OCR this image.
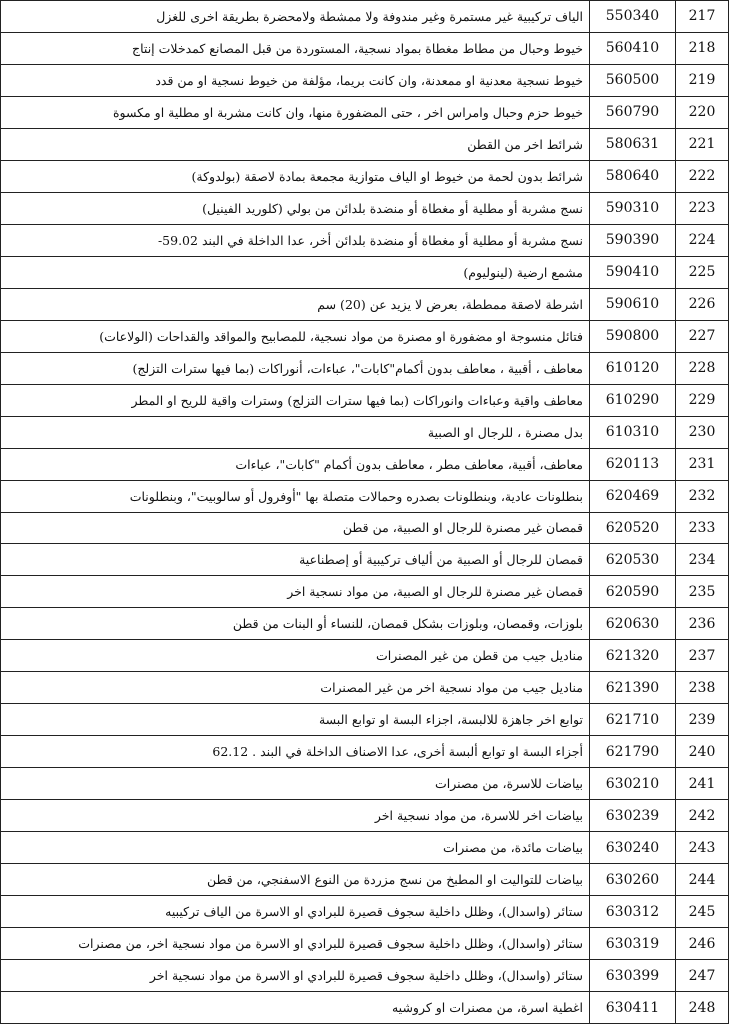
217	550340	الياف تركيبية غير مستمرة وغير مندوفة ولا ممشطة ولامحضرة بطريقة اخرى للغزل
218	560410	خيوط وحبال من مطاط مغطاة بمواد نسجية، المستوردة من قبل المصانع كمدخلات إنتاج
219	560500	خيوط نسجية معدنية او ممعدنة، وان كانت بريما، مؤلفة من خيوط نسجية او من قدد
220	560790	خيوط حزم وحبال وامراس اخر ، حتى المضفورة منها، وان كانت مشربة او مطلية او مكسوة
221	580631	شرائط اخر من القطن
222	580640	شرائط بدون لحمة من خيوط او الياف متوازية مجمعة بمادة لاصقة (بولدوكة)
223	590310	نسج مشربة أو مطلية أو مغطاة أو منضدة بلدائن من بولي (كلوريد الفينيل)
224	590390	نسج مشربة أو مطلية أو مغطاة أو منضدة بلدائن أخر، عدا الداخلة في البند 59.02-
225	590410	مشمع ارضية (لينوليوم)
226	590610	اشرطة لاصقة ممططة، بعرض لا يزيد عن (20) سم
227	590800	فتائل منسوجة او مضفورة او مصنرة من مواد نسجية، للمصابيح والمواقد والقداحات (الولاعات)
228	610120	معاطف ، أقبية ، معاطف بدون أكمام"كابات"، عباءات، أنوراكات (بما فيها سترات التزلج)
229	610290	معاطف واقية وعباءات وانوراكات (بما فيها سترات التزلج) وسترات واقية للريح او المطر
230	610310	بدل مصنرة ، للرجال او الصبية
231	620113	معاطف، أقبية، معاطف مطر ، معاطف بدون أكمام "كابات"، عباءات
232	620469	بنطلونات عادية، وبنطلونات بصدره وحمالات متصلة بها "أوفرول أو سالوبيت"، وبنطلونات
233	620520	قمصان غير مصنرة للرجال او الصبية، من قطن
234	620530	قمصان للرجال أو الصبية من ألياف تركيبية أو إصطناعية
235	620590	قمصان غير مصنرة للرجال او الصبية، من مواد نسجية اخر
236	620630	بلوزات، وقمصان، وبلوزات بشكل قمصان، للنساء أو البنات من قطن
237	621320	مناديل جيب من قطن من غير المصنرات
238	621390	مناديل جيب من مواد نسجية اخر من غير المصنرات
239	621710	توابع اخر جاهزة للالبسة، اجزاء البسة او توابع البسة
240	621790	أجزاء البسة او توابع ألبسة أخرى، عدا الاصناف الداخلة في البند . 62.12
241	630210	بياضات للاسرة، من مصنرات
242	630239	بياضات اخر للاسرة، من مواد نسجية اخر
243	630240	بياضات مائدة، من مصنرات
244	630260	بياضات للتواليت او المطبخ من نسج مزردة من النوع الاسفنجي، من قطن
245	630312	ستائر (واسدال)، وظلل داخلية سجوف قصيرة للبرادي او الاسرة من الياف تركيبيه
246	630319	ستائر (واسدال)، وظلل داخلية سجوف قصيرة للبرادي او الاسرة من مواد نسجية اخر، من مصنرات
247	630399	ستائر (واسدال)، وظلل داخلية سجوف قصيرة للبرادي او الاسرة من مواد نسجية اخر
248	630411	اغطية اسرة، من مصنرات او كروشيه
